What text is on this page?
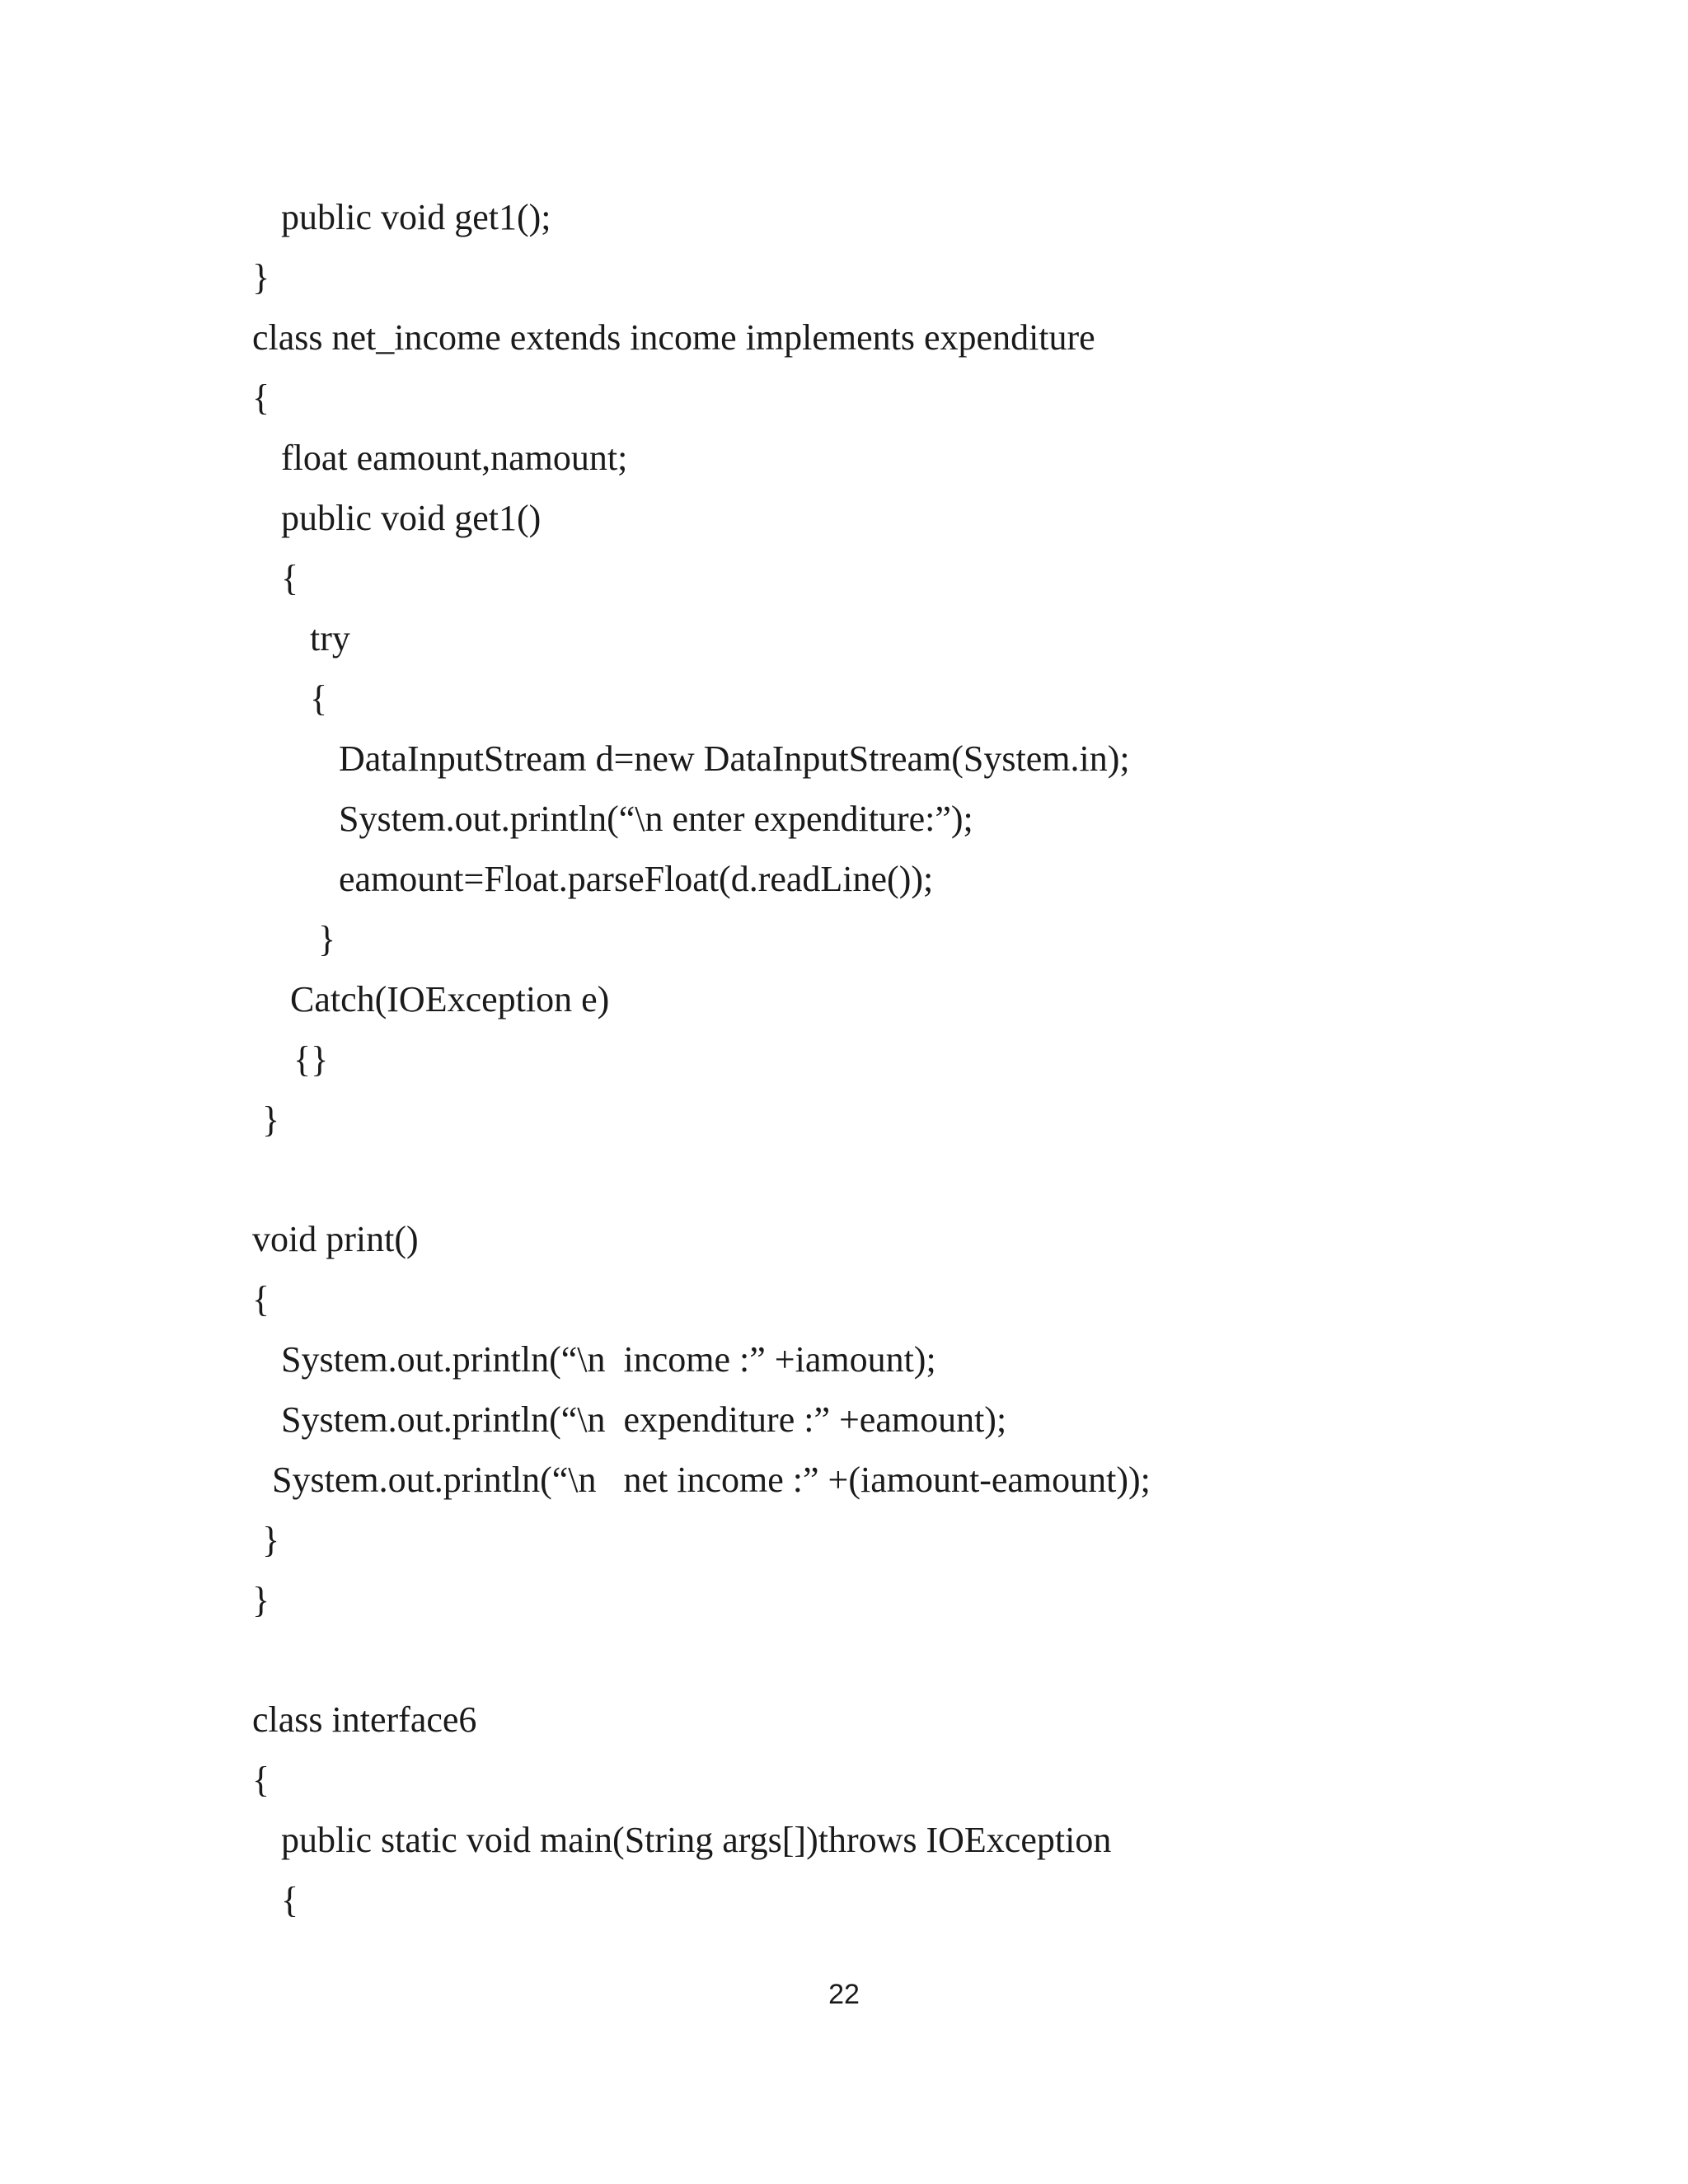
public void get1();

}

class net_income extends income implements expenditure

{

float eamount,namount;

public void get1()

{

try

{

DataInputStream d=new DataInputStream(System.in);

System.out.println(“\n enter expenditure:”);

eamount=Float.parseFloat(d.readLine());

}

Catch(IOException e)

{}

}

void print()

{

System.out.println(“\n  income :” +iamount);

System.out.println(“\n  expenditure :” +eamount);

System.out.println(“\n   net income :” +(iamount-eamount));

}

}

class interface6

{

public static void main(String args[])throws IOException

{

22
